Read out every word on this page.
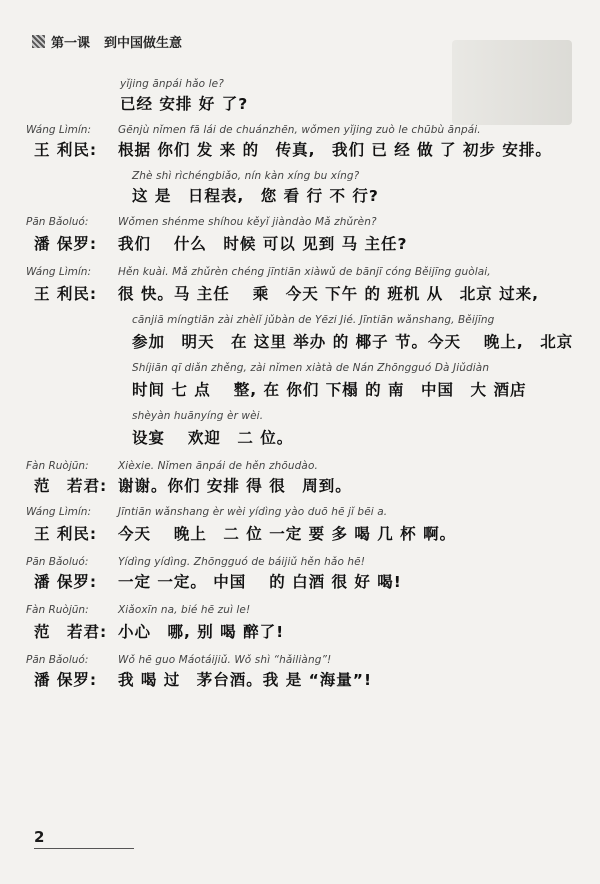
第一课 到中国做生意
yǐjing ānpái hǎo le?
已经 安排 好 了?
Wáng Lìmín:	Gēnjù nǐmen fā lái de chuánzhēn, wǒmen yǐjing zuò le chūbù ānpái.
王 利民: 根据 你们 发 来 的　传真,　我们 已 经 做 了 初步 安排。
Zhè shì rìchéngbiǎo, nín kàn xíng bu xíng?
这 是　日程表,　您 看 行 不 行?
Pān Bǎoluó:	Wǒmen shénme shíhou kěyǐ jiàndào Mǎ zhǔrèn?
潘 保罗: 我们　 什么　时候 可以 见到 马 主任?
Wáng Lìmín:	Hěn kuài. Mǎ zhǔrèn chéng jīntiān xiàwǔ de bānjī cóng Běijīng guòlai,
王 利民: 很 快。马 主任　 乘　今天 下午 的 班机 从　北京 过来,
cānjiā míngtiān zài zhèlǐ jǔbàn de Yēzi Jié. Jīntiān wǎnshang, Běijīng
参加　明天　在 这里 举办 的 椰子 节。今天　 晚上,　北京
Shíjiān qī diǎn zhěng, zài nǐmen xiàtà de Nán Zhōngguó Dà Jiǔdiàn
时间 七 点　 整, 在 你们 下榻 的 南　中国　大 酒店
shèyàn huānyíng èr wèi.
设宴　 欢迎　二 位。
Fàn Ruòjūn:	Xièxie. Nǐmen ānpái de hěn zhōudào.
范　若君: 谢谢。你们 安排 得 很　周到。
Wáng Lìmín:	Jīntiān wǎnshang èr wèi yídìng yào duō hē jǐ bēi a.
王 利民: 今天　 晚上　二 位 一定 要 多 喝 几 杯 啊。
Pān Bǎoluó:	Yídìng yídìng. Zhōngguó de báijiǔ hěn hǎo hē!
潘 保罗: 一定 一定。 中国　 的 白酒 很 好 喝!
Fàn Ruòjūn:	Xiǎoxīn na, bié hē zuì le!
范　若君: 小心　哪, 别 喝 醉了!
Pān Bǎoluó:	Wǒ hē guo Máotáijiǔ. Wǒ shì “hǎiliàng”!
潘 保罗: 我 喝 过　茅台酒。我 是 “海量”!
2
